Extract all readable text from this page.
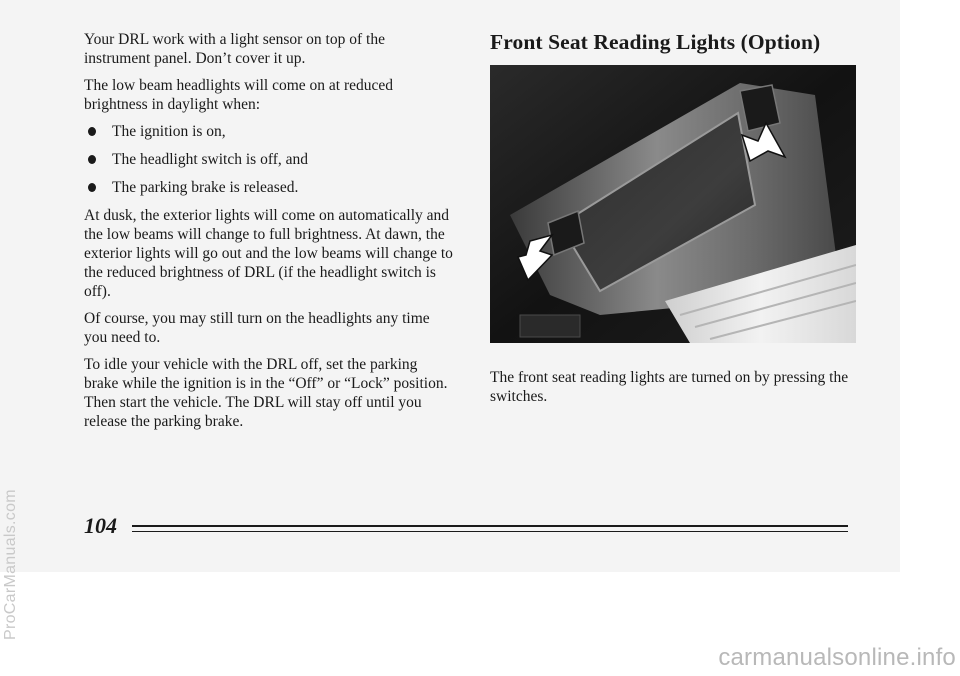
Your DRL work with a light sensor on top of the instrument panel. Don’t cover it up.

The low beam headlights will come on at reduced brightness in daylight when:

The ignition is on,
The headlight switch is off, and
The parking brake is released.

At dusk, the exterior lights will come on automatically and the low beams will change to full brightness. At dawn, the exterior lights will go out and the low beams will change to the reduced brightness of DRL (if the headlight switch is off).

Of course, you may still turn on the headlights any time you need to.

To idle your vehicle with the DRL off, set the parking brake while the ignition is in the “Off” or “Lock” position. Then start the vehicle. The DRL will stay off until you release the parking brake.

Front Seat Reading Lights (Option)

The front seat reading lights are turned on by pressing the switches.

104
ProCarManuals.com
carmanualsonline.info
